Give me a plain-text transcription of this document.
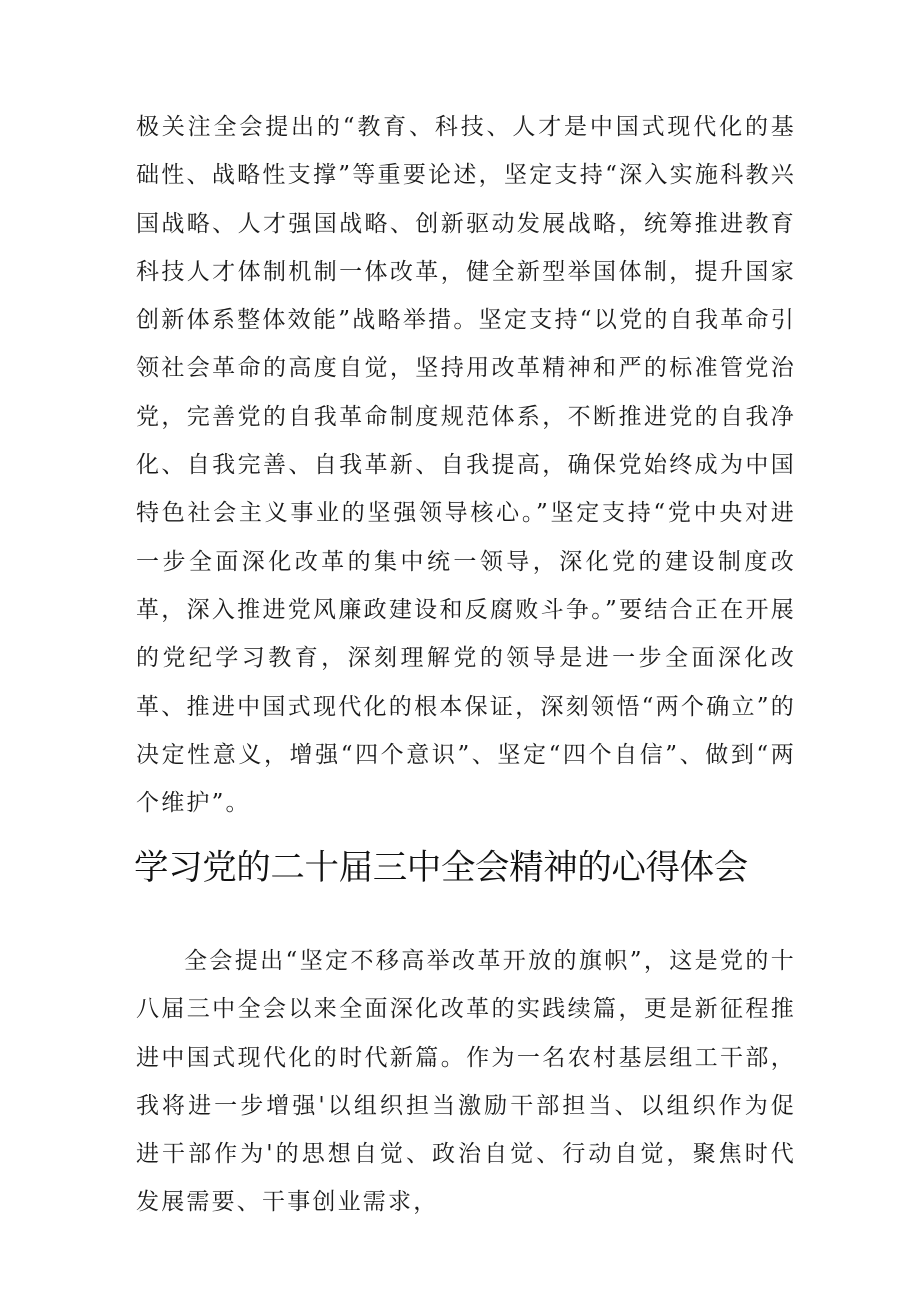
极关注全会提出的“教育、科技、人才是中国式现代化的基础性、战略性支撑”等重要论述，坚定支持“深入实施科教兴国战略、人才强国战略、创新驱动发展战略，统筹推进教育科技人才体制机制一体改革，健全新型举国体制，提升国家创新体系整体效能”战略举措。坚定支持“以党的自我革命引领社会革命的高度自觉，坚持用改革精神和严的标准管党治党，完善党的自我革命制度规范体系，不断推进党的自我净化、自我完善、自我革新、自我提高，确保党始终成为中国特色社会主义事业的坚强领导核心。”坚定支持“党中央对进一步全面深化改革的集中统一领导，深化党的建设制度改革，深入推进党风廉政建设和反腐败斗争。”要结合正在开展的党纪学习教育，深刻理解党的领导是进一步全面深化改革、推进中国式现代化的根本保证，深刻领悟“两个确立”的决定性意义，增强“四个意识”、坚定“四个自信”、做到“两个维护”。

学习党的二十届三中全会精神的心得体会

全会提出“坚定不移高举改革开放的旗帜”，这是党的十八届三中全会以来全面深化改革的实践续篇，更是新征程推进中国式现代化的时代新篇。作为一名农村基层组工干部，我将进一步增强'以组织担当激励干部担当、以组织作为促进干部作为'的思想自觉、政治自觉、行动自觉，聚焦时代发展需要、干事创业需求，
